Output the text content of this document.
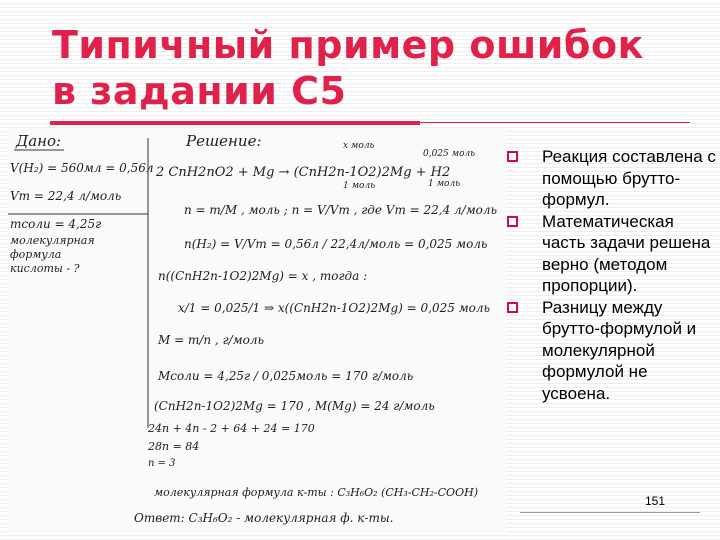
Типичный пример ошибок в задании С5
Дано:
V(H₂) = 560мл = 0,56л
Vm = 22,4 л/моль
mсоли = 4,25г
молекулярная
формула
кислоты - ?
Решение:	x моль
0,025 моль
2 CnH2nO2 + Mg → (CnH2n-1O2)2Mg + H2
1 моль	1 моль
n = m/M , моль ; n = V/Vm , где Vm = 22,4 л/моль
n(H₂) = V/Vm = 0,56л / 22,4л/моль = 0,025 моль
n((CnH2n-1O2)2Mg) = x , тогда :
x/1 = 0,025/1 ⇒ x((CnH2n-1O2)2Mg) = 0,025 моль
M = m/n , г/моль
Mсоли = 4,25г / 0,025моль = 170 г/моль
(CnH2n-1O2)2Mg = 170 , M(Mg) = 24 г/моль
24n + 4n - 2 + 64 + 24 = 170
28n = 84
n = 3
молекулярная формула к-ты : C₃H₆O₂ (CH₃-CH₂-COOH)
Ответ: C₃H₆O₂ - молекулярная ф. к-ты.
Реакция составлена с помощью брутто-формул.
Математическая часть задачи решена верно (методом пропорции).
Разницу между брутто-формулой и молекулярной формулой не усвоена.
151
